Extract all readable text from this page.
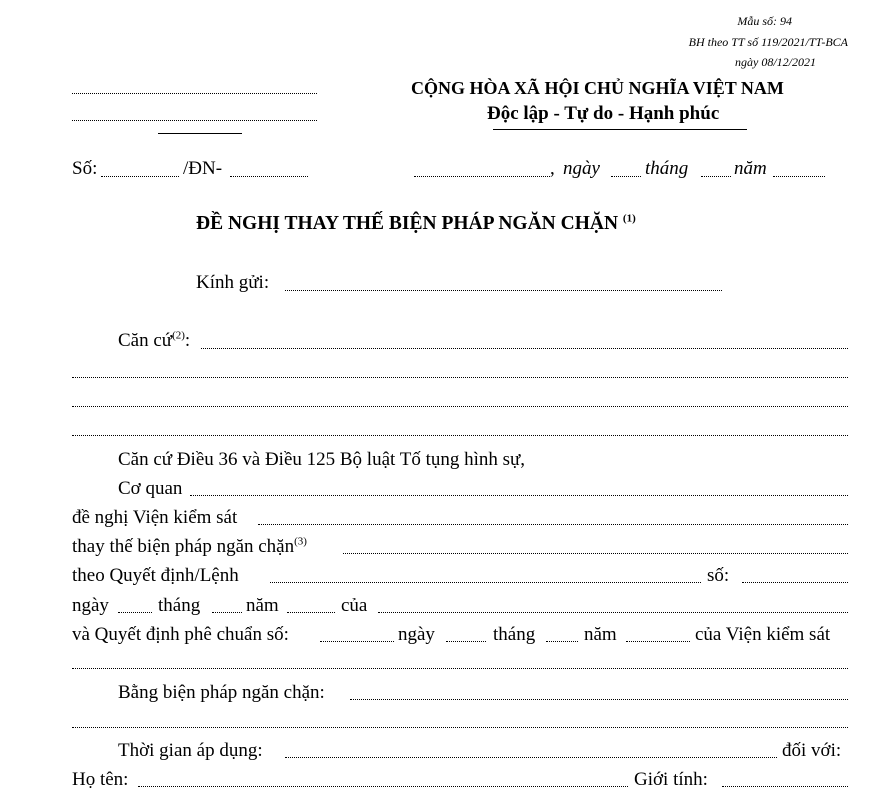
Mẫu số: 94
BH theo TT số 119/2021/TT-BCA
ngày 08/12/2021
CỘNG HÒA XÃ HỘI CHỦ NGHĨA VIỆT NAM
Độc lập - Tự do - Hạnh phúc
Số:	/ĐN-	, ngày tháng năm
ĐỀ NGHỊ THAY THẾ BIỆN PHÁP NGĂN CHẶN $^{(1)}$
Kính gửi:
Căn cứ$^{(2)}$:
Căn cứ Điều 36 và Điều 125 Bộ luật Tố tụng hình sự,
Cơ quan
đề nghị Viện kiểm sát
thay thế biện pháp ngăn chặn$^{(3)}$
theo Quyết định/Lệnh	số:
ngày	tháng năm	của
và Quyết định phê chuẩn số:	ngày	tháng	năm	của Viện kiểm sát
Bằng biện pháp ngăn chặn:
Thời gian áp dụng:	đối với:
Họ tên:	Giới tính:
